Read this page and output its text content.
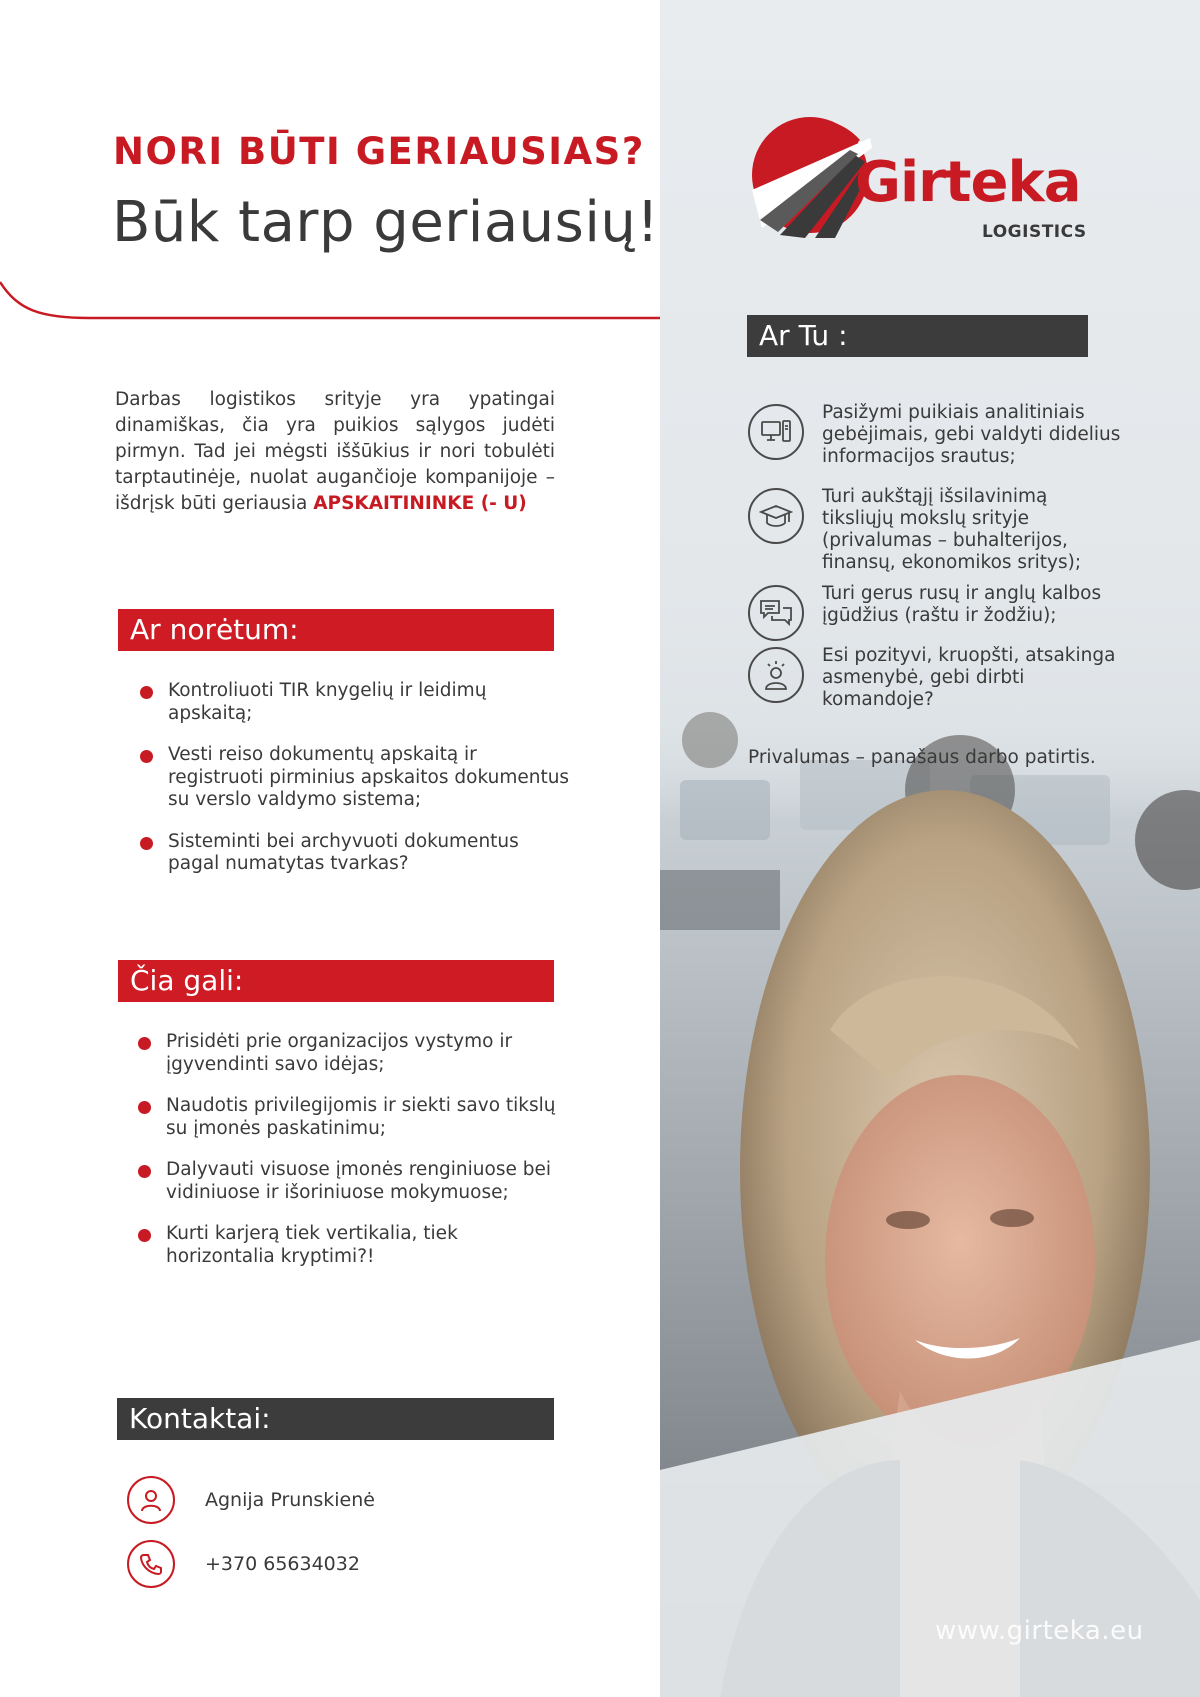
NORI BŪTI GERIAUSIAS?
Būk tarp geriausių!

Darbas logistikos srityje yra ypatingai dinamiškas, čia yra puikios sąlygos judėti pirmyn. Tad jei mėgsti iššūkius ir nori tobulėti tarptautinėje, nuolat augančioje kompanijoje – išdrįsk būti geriausia APSKAITININKE (- U)

Ar norėtum:
Kontroliuoti TIR knygelių ir leidimų apskaitą;
Vesti reiso dokumentų apskaitą ir registruoti pirminius apskaitos dokumentus su verslo valdymo sistema;
Sisteminti bei archyvuoti dokumentus pagal numatytas tvarkas?
Čia gali:
Prisidėti prie organizacijos vystymo ir įgyvendinti savo idėjas;
Naudotis privilegijomis ir siekti savo tikslų su įmonės paskatinimu;
Dalyvauti visuose įmonės renginiuose bei vidiniuose ir išoriniuose mokymuose;
Kurti karjerą tiek vertikalia, tiek horizontalia kryptimi?!
Kontaktai:
Agnija Prunskienė
+370 65634032
Girteka
LOGISTICS
Ar Tu :
Pasižymi puikiais analitiniais gebėjimais, gebi valdyti didelius informacijos srautus;
Turi aukštąjį išsilavinimą tiksliųjų mokslų srityje (privalumas – buhalterijos, finansų, ekonomikos sritys);
Turi gerus rusų ir anglų kalbos įgūdžius (raštu ir žodžiu);
Esi pozityvi, kruopšti, atsakinga asmenybė, gebi dirbti komandoje?
Privalumas – panašaus darbo patirtis.
www.girteka.eu
